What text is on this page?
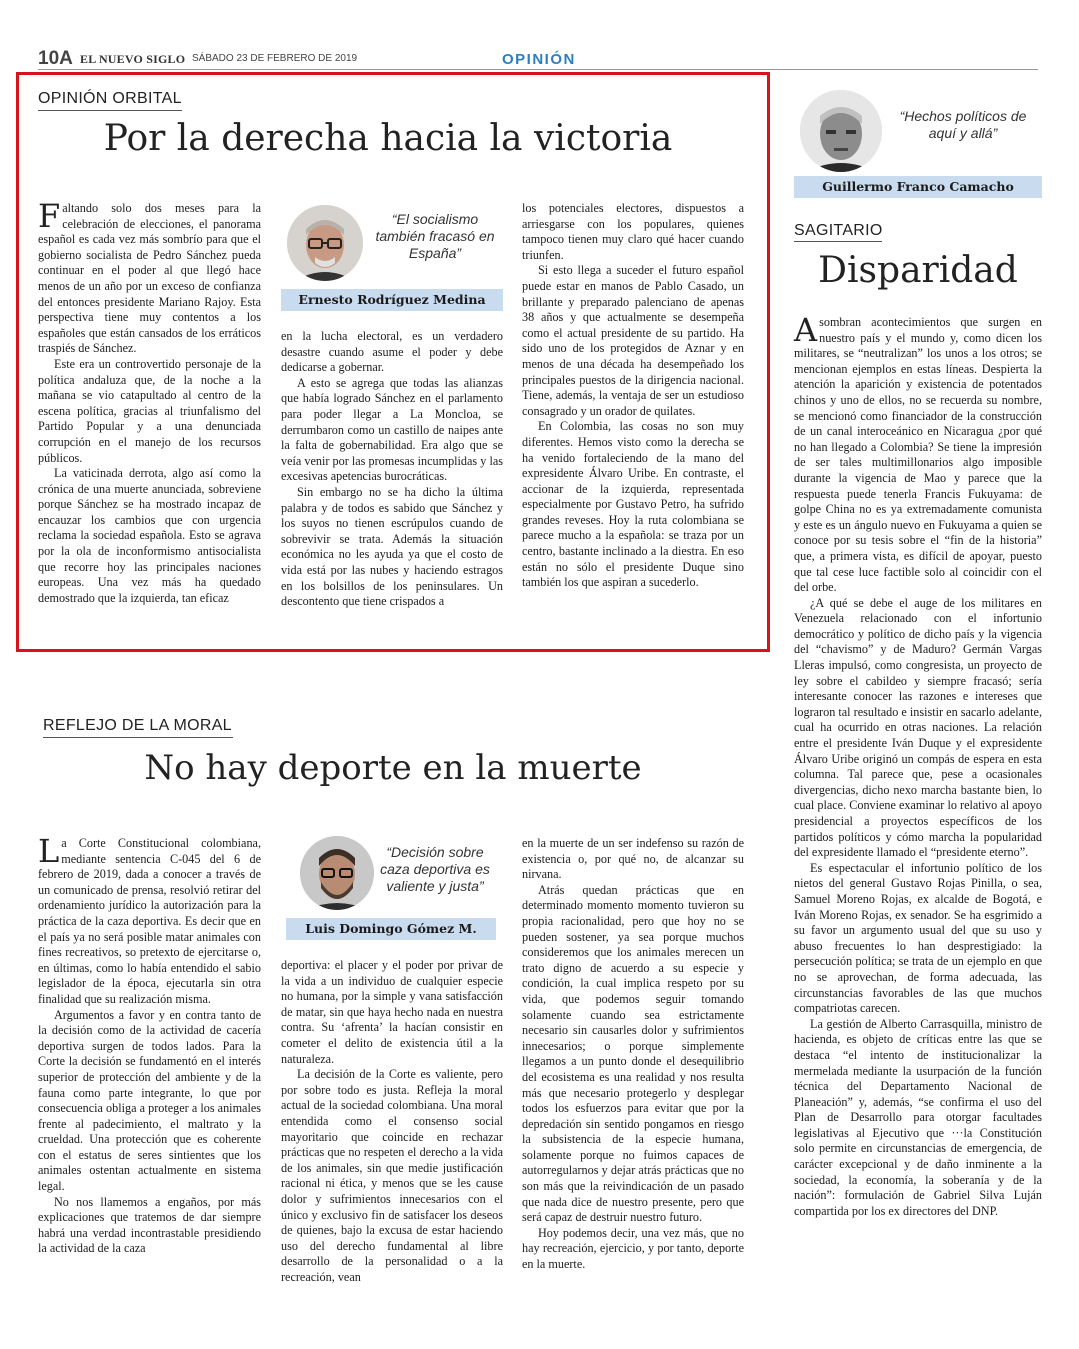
10A EL NUEVO SIGLO SÁBADO 23 DE FEBRERO DE 2019	OPINIÓN
OPINIÓN ORBITAL
Por la derecha hacia la victoria

Faltando solo dos meses para la celebración de elecciones, el panorama español es cada vez más sombrío para que el gobierno socialista de Pedro Sánchez pueda continuar en el poder al que llegó hace menos de un año por un exceso de confianza del entonces presidente Mariano Rajoy. Esta perspectiva tiene muy contentos a los españoles que están cansados de los erráticos traspiés de Sánchez.

Este era un controvertido personaje de la política andaluza que, de la noche a la mañana se vio catapultado al centro de la escena política, gracias al triunfalismo del Partido Popular y a una denunciada corrupción en el manejo de los recursos públicos.

La vaticinada derrota, algo así como la crónica de una muerte anunciada, sobreviene porque Sánchez se ha mostrado incapaz de encauzar los cambios que con urgencia reclama la sociedad española. Esto se agrava por la ola de inconformismo antisocialista que recorre hoy las principales naciones europeas. Una vez más ha quedado demostrado que la izquierda, tan eficaz

“El socialismo también fracasó en España”
Ernesto Rodríguez Medina

en la lucha electoral, es un verdadero desastre cuando asume el poder y debe dedicarse a gobernar.

A esto se agrega que todas las alianzas que había logrado Sánchez en el parlamento para poder llegar a La Moncloa, se derrumbaron como un castillo de naipes ante la falta de gobernabilidad. Era algo que se veía venir por las promesas incumplidas y las excesivas apetencias burocráticas.

Sin embargo no se ha dicho la última palabra y de todos es sabido que Sánchez y los suyos no tienen escrúpulos cuando de sobrevivir se trata. Además la situación económica no les ayuda ya que el costo de vida está por las nubes y haciendo estragos en los bolsillos de los peninsulares. Un descontento que tiene crispados a

los potenciales electores, dispuestos a arriesgarse con los populares, quienes tampoco tienen muy claro qué hacer cuando triunfen.

Si esto llega a suceder el futuro español puede estar en manos de Pablo Casado, un brillante y preparado palenciano de apenas 38 años y que actualmente se desempeña como el actual presidente de su partido. Ha sido uno de los protegidos de Aznar y en menos de una década ha desempeñado los principales puestos de la dirigencia nacional. Tiene, además, la ventaja de ser un estudioso consagrado y un orador de quilates.

En Colombia, las cosas no son muy diferentes. Hemos visto como la derecha se ha venido fortaleciendo de la mano del expresidente Álvaro Uribe. En contraste, el accionar de la izquierda, representada especialmente por Gustavo Petro, ha sufrido grandes reveses. Hoy la ruta colombiana se parece mucho a la española: se traza por un centro, bastante inclinado a la diestra. En eso están no sólo el presidente Duque sino también los que aspiran a sucederlo.

REFLEJO DE LA MORAL
No hay deporte en la muerte

La Corte Constitucional colombiana, mediante sentencia C-045 del 6 de febrero de 2019, dada a conocer a través de un comunicado de prensa, resolvió retirar del ordenamiento jurídico la autorización para la práctica de la caza deportiva. Es decir que en el país ya no será posible matar animales con fines recreativos, so pretexto de ejercitarse o, en últimas, como lo había entendido el sabio legislador de la época, ejecutarla sin otra finalidad que su realización misma.

Argumentos a favor y en contra tanto de la decisión como de la actividad de cacería deportiva surgen de todos lados. Para la Corte la decisión se fundamentó en el interés superior de protección del ambiente y de la fauna como parte integrante, lo que por consecuencia obliga a proteger a los animales frente al padecimiento, el maltrato y la crueldad. Una protección que es coherente con el estatus de seres sintientes que los animales ostentan actualmente en sistema legal.

No nos llamemos a engaños, por más explicaciones que tratemos de dar siempre habrá una verdad incontrastable presidiendo la actividad de la caza

“Decisión sobre caza deportiva es valiente y justa”
Luis Domingo Gómez M.

deportiva: el placer y el poder por privar de la vida a un individuo de cualquier especie no humana, por la simple y vana satisfacción de matar, sin que haya hecho nada en nuestra contra. Su ‘afrenta’ la hacían consistir en cometer el delito de existencia útil a la naturaleza.

La decisión de la Corte es valiente, pero por sobre todo es justa. Refleja la moral actual de la sociedad colombiana. Una moral entendida como el consenso social mayoritario que coincide en rechazar prácticas que no respeten el derecho a la vida de los animales, sin que medie justificación racional ni ética, y menos que se les cause dolor y sufrimientos innecesarios con el único y exclusivo fin de satisfacer los deseos de quienes, bajo la excusa de estar haciendo uso del derecho fundamental al libre desarrollo de la personalidad o a la recreación, vean

en la muerte de un ser indefenso su razón de existencia o, por qué no, de alcanzar su nirvana.

Atrás quedan prácticas que en determinado momento momento tuvieron su propia racionalidad, pero que hoy no se pueden sostener, ya sea porque muchos consideremos que los animales merecen un trato digno de acuerdo a su especie y condición, la cual implica respeto por su vida, que podemos seguir tomando solamente cuando sea estrictamente necesario sin causarles dolor y sufrimientos innecesarios; o porque simplemente llegamos a un punto donde el desequilibrio del ecosistema es una realidad y nos resulta más que necesario protegerlo y desplegar todos los esfuerzos para evitar que por la depredación sin sentido pongamos en riesgo la subsistencia de la especie humana, solamente porque no fuimos capaces de autorregularnos y dejar atrás prácticas que no son más que la reivindicación de un pasado que nada dice de nuestro presente, pero que será capaz de destruir nuestro futuro.

Hoy podemos decir, una vez más, que no hay recreación, ejercicio, y por tanto, deporte en la muerte.

“Hechos políticos de aquí y allá”
Guillermo Franco Camacho
SAGITARIO
Disparidad

Asombran acontecimientos que surgen en nuestro país y el mundo y, como dicen los militares, se “neutralizan” los unos a los otros; se mencionan ejemplos en estas líneas. Despierta la atención la aparición y existencia de potentados chinos y uno de ellos, no se recuerda su nombre, se mencionó como financiador de la construcción de un canal interoceánico en Nicaragua ¿por qué no han llegado a Colombia? Se tiene la impresión de ser tales multimillonarios algo imposible durante la vigencia de Mao y parece que la respuesta puede tenerla Francis Fukuyama: de golpe China no es ya extremadamente comunista y este es un ángulo nuevo en Fukuyama a quien se conoce por su tesis sobre el “fin de la historia” que, a primera vista, es difícil de apoyar, puesto que tal cese luce factible solo al coincidir con el del orbe.

¿A qué se debe el auge de los militares en Venezuela relacionado con el infortunio democrático y político de dicho país y la vigencia del “chavismo” y de Maduro? Germán Vargas Lleras impulsó, como congresista, un proyecto de ley sobre el cabildeo y siempre fracasó; sería interesante conocer las razones e intereses que lograron tal resultado e insistir en sacarlo adelante, cual ha ocurrido en otras naciones. La relación entre el presidente Iván Duque y el expresidente Álvaro Uribe originó un compás de espera en esta columna. Tal parece que, pese a ocasionales divergencias, dicho nexo marcha bastante bien, lo cual place. Conviene examinar lo relativo al apoyo presidencial a proyectos específicos de los partidos políticos y cómo marcha la popularidad del expresidente llamado el “presidente eterno”.

Es espectacular el infortunio político de los nietos del general Gustavo Rojas Pinilla, o sea, Samuel Moreno Rojas, ex alcalde de Bogotá, e Iván Moreno Rojas, ex senador. Se ha esgrimido a su favor un argumento usual del que su uso y abuso frecuentes lo han desprestigiado: la persecución política; se trata de un ejemplo en que no se aprovechan, de forma adecuada, las circunstancias favorables de las que muchos compatriotas carecen.

La gestión de Alberto Carrasquilla, ministro de hacienda, es objeto de críticas entre las que se destaca “el intento de institucionalizar la mermelada mediante la usurpación de la función técnica del Departamento Nacional de Planeación” y, además, “se confirma el uso del Plan de Desarrollo para otorgar facultades legislativas al Ejecutivo que ···la Constitución solo permite en circunstancias de emergencia, de carácter excepcional y de daño inminente a la sociedad, la economía, la soberanía y de la nación”: formulación de Gabriel Silva Luján compartida por los ex directores del DNP.
